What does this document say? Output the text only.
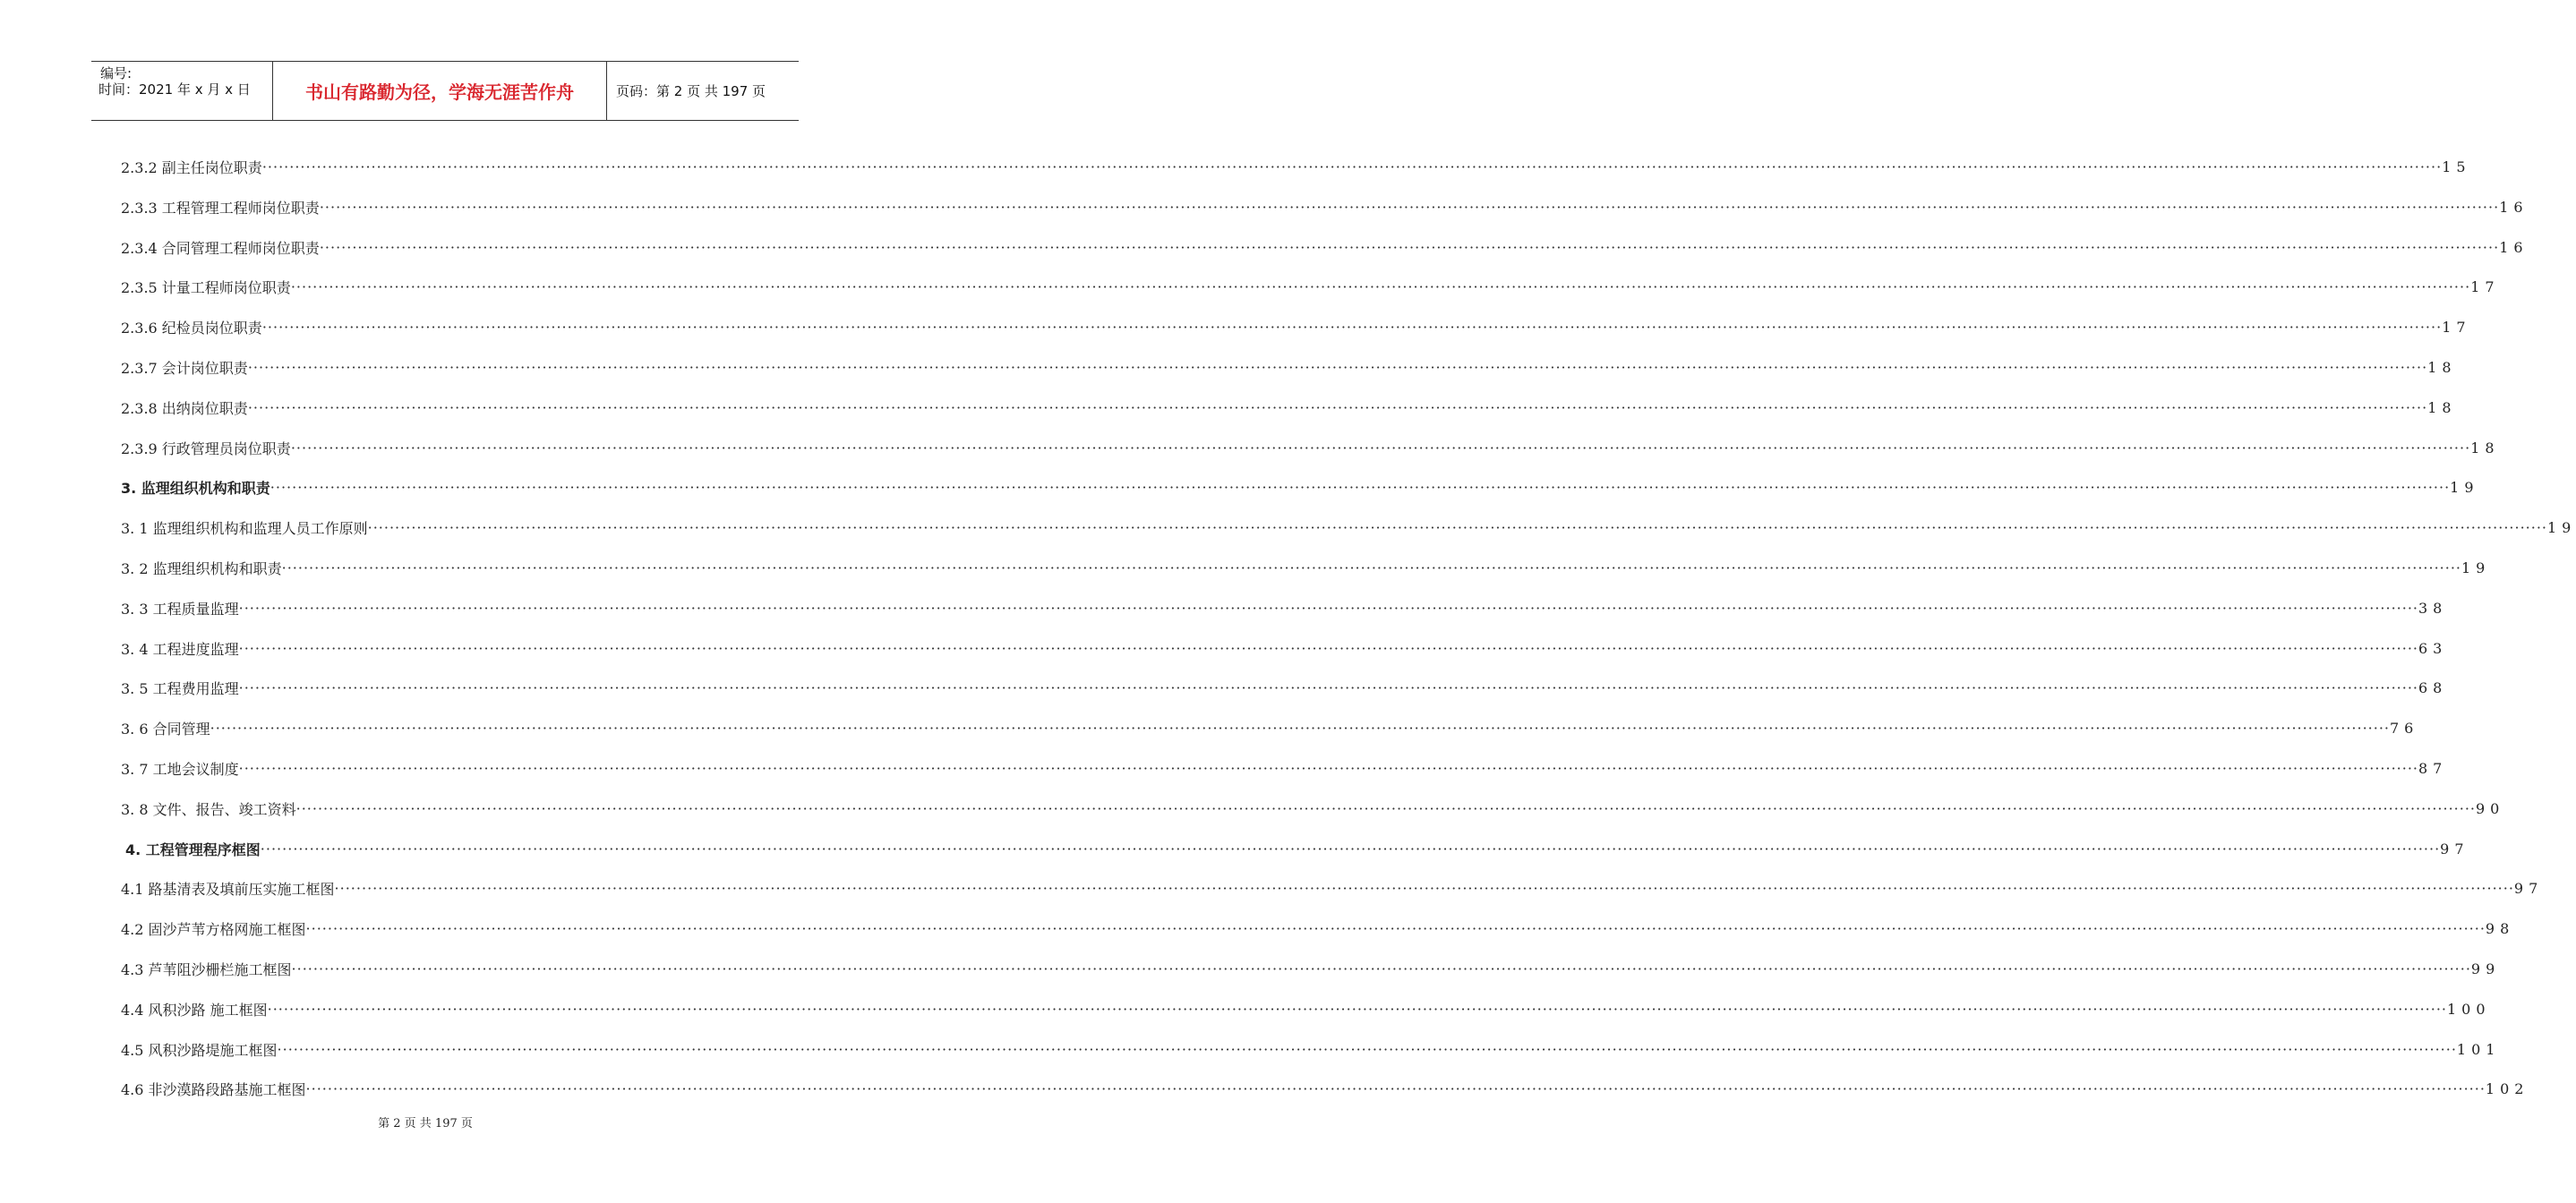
编号:
时间：2021 年 x 月 x 日	书山有路勤为径，学海无涯苦作舟	页码：第 2 页 共 197 页
2.3.2 副主任岗位职责 ················································································································································································································································································································································································································ 15
2.3.3 工程管理工程师岗位职责 ················································································································································································································································································································································································································ 16
2.3.4 合同管理工程师岗位职责 ················································································································································································································································································································································································································ 16
2.3.5 计量工程师岗位职责 ················································································································································································································································································································································································································ 17
2.3.6 纪检员岗位职责 ················································································································································································································································································································································································································ 17
2.3.7 会计岗位职责 ················································································································································································································································································································································································································ 18
2.3.8 出纳岗位职责 ················································································································································································································································································································································································································ 18
2.3.9 行政管理员岗位职责 ················································································································································································································································································································································································································ 18
3. 监理组织机构和职责 ················································································································································································································································································································································································································ 19
3. 1 监理组织机构和监理人员工作原则 ················································································································································································································································································································································································································ 19
3. 2 监理组织机构和职责 ················································································································································································································································································································································································································ 19
3. 3 工程质量监理 ················································································································································································································································································································································································································ 38
3. 4 工程进度监理 ················································································································································································································································································································································································································ 63
3. 5 工程费用监理 ················································································································································································································································································································································································································ 68
3. 6 合同管理 ················································································································································································································································································································································································································ 76
3. 7 工地会议制度 ················································································································································································································································································································································································································ 87
3. 8 文件、报告、竣工资料 ················································································································································································································································································································································································································ 90
4. 工程管理程序框图 ················································································································································································································································································································································································································ 97
4.1 路基清表及填前压实施工框图 ················································································································································································································································································································································································································ 97
4.2 固沙芦苇方格网施工框图 ················································································································································································································································································································································································································ 98
4.3 芦苇阻沙栅栏施工框图 ················································································································································································································································································································································································································ 99
4.4 风积沙路 施工框图 ················································································································································································································································································································································································································ 100
4.5 风积沙路堤施工框图 ················································································································································································································································································································································································································ 101
4.6 非沙漠路段路基施工框图 ················································································································································································································································································································································································································ 102
第 2 页 共 197 页
